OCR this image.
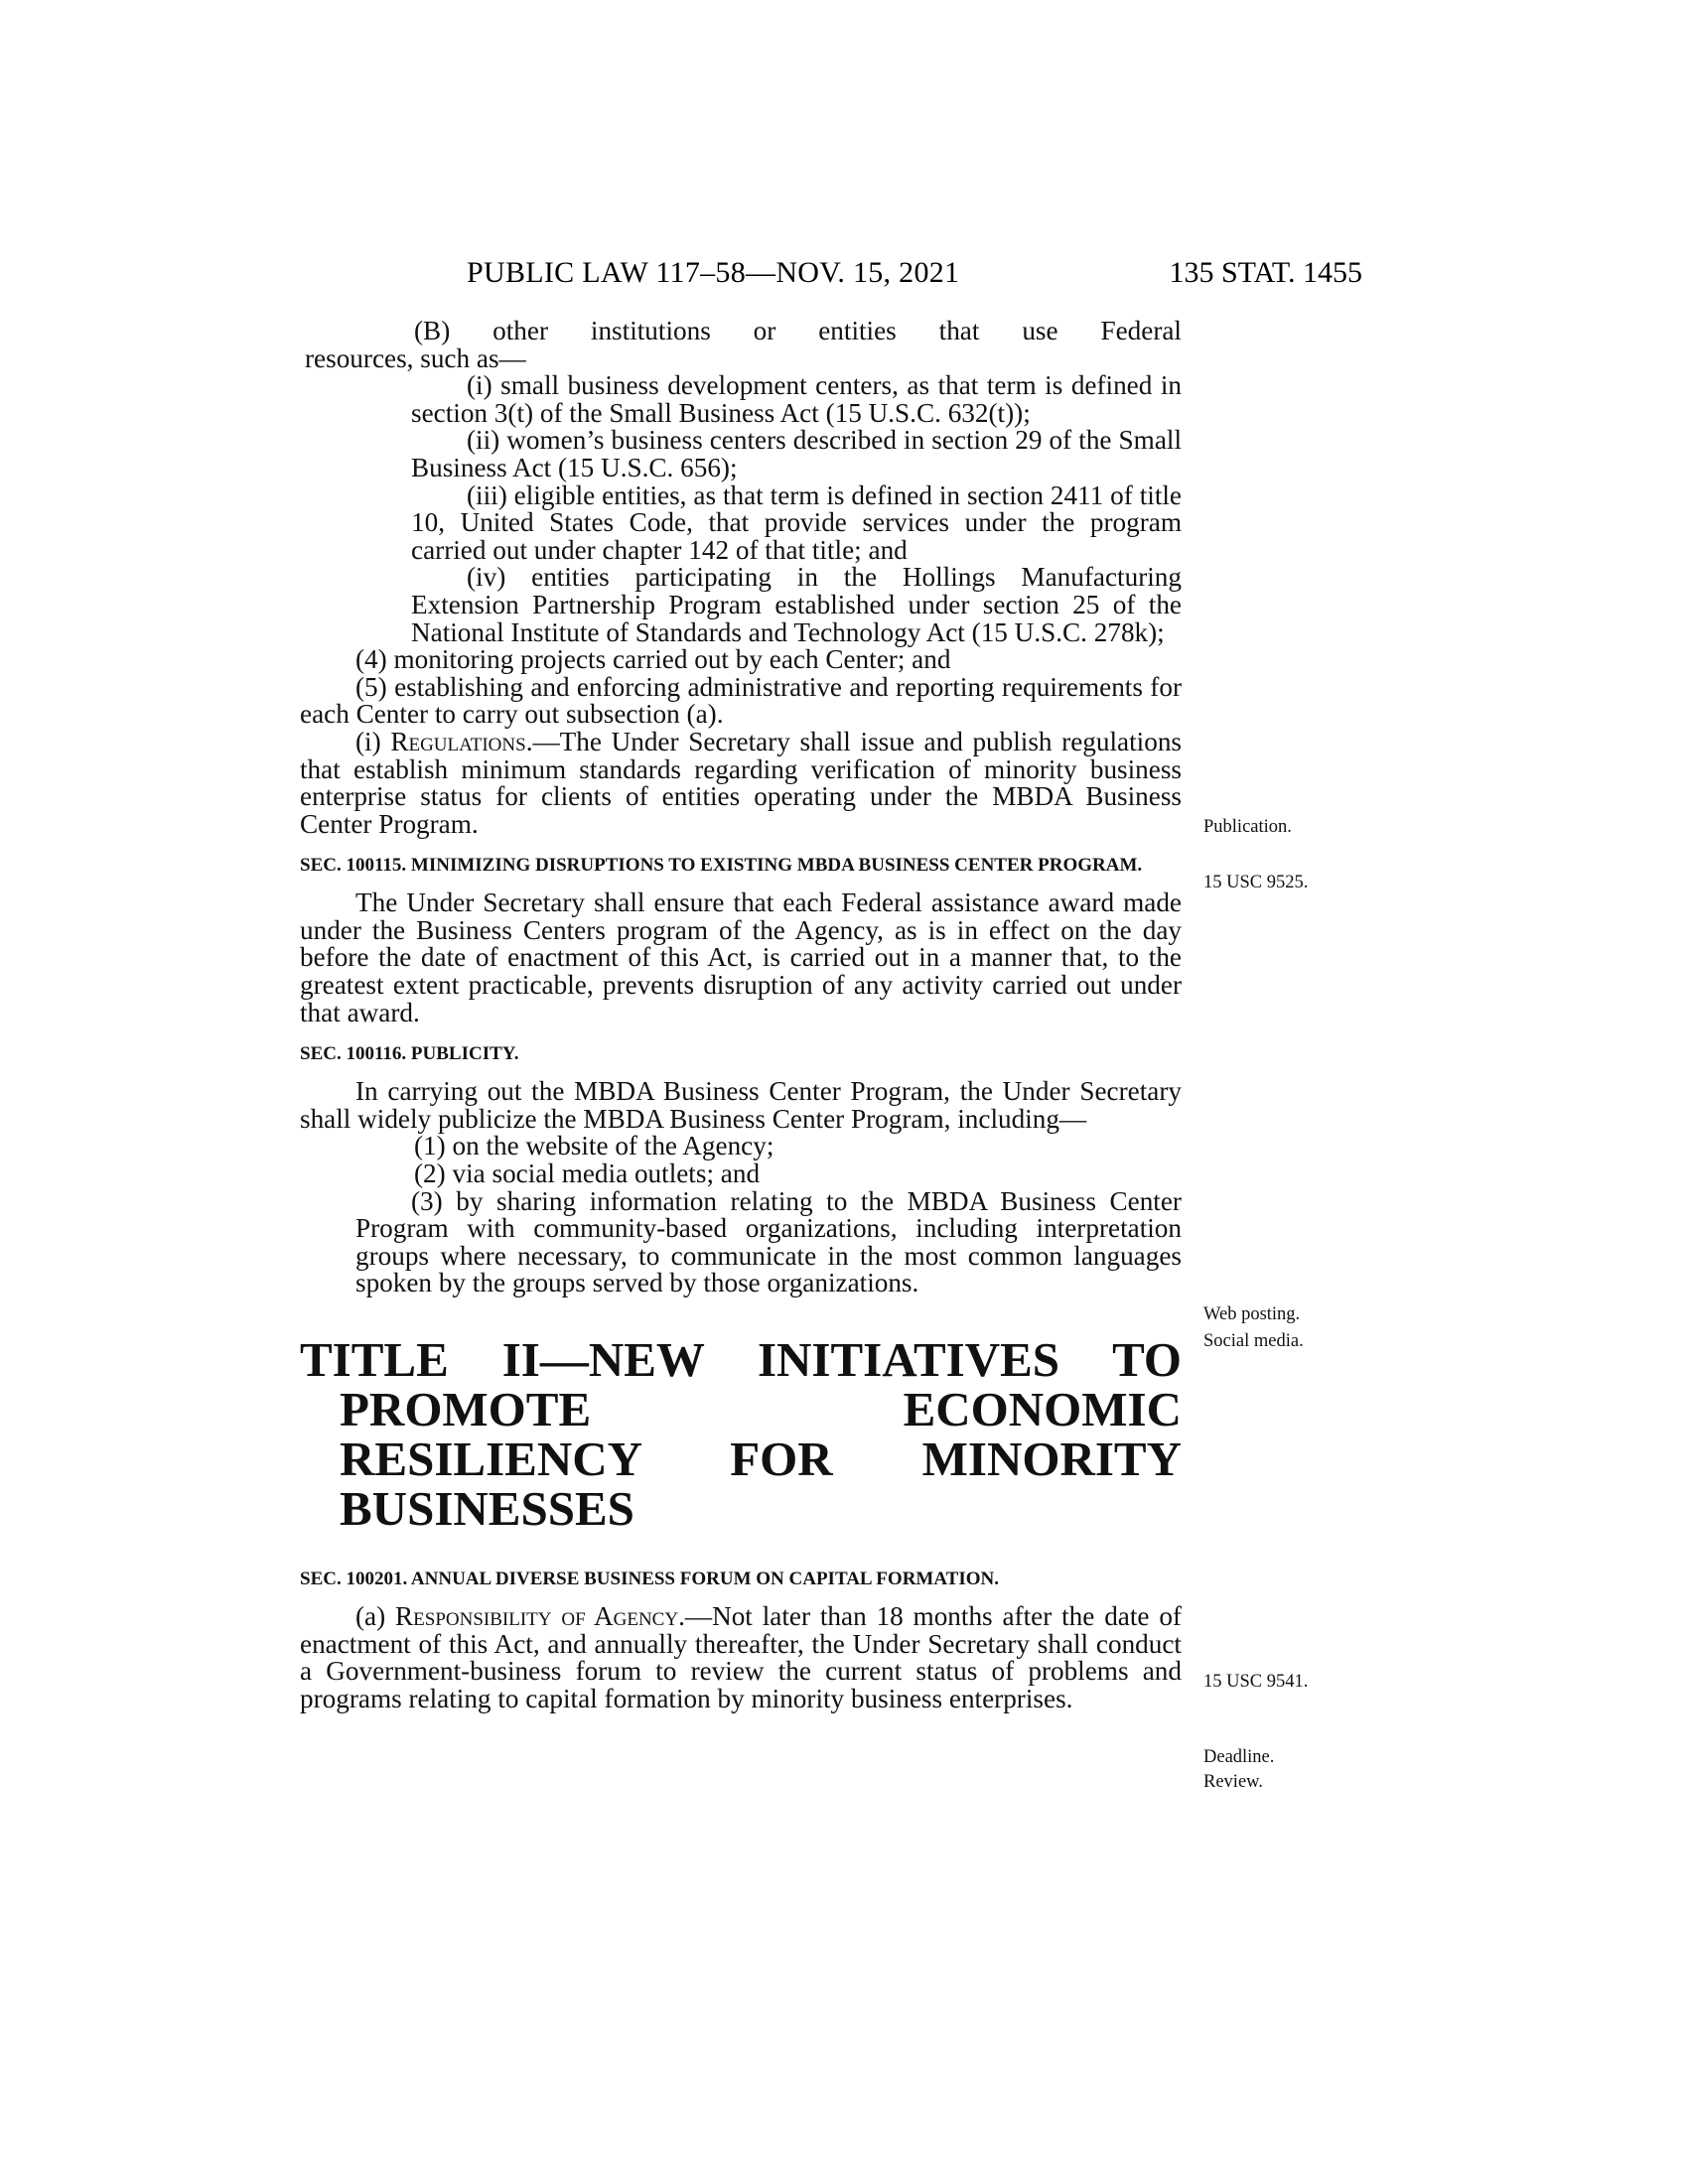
PUBLIC LAW 117–58—NOV. 15, 2021	135 STAT. 1455

(B) other institutions or entities that use Federal

resources, such as—

(i) small business development centers, as that term is defined in section 3(t) of the Small Business Act (15 U.S.C. 632(t));

(ii) women’s business centers described in section 29 of the Small Business Act (15 U.S.C. 656);

(iii) eligible entities, as that term is defined in section 2411 of title 10, United States Code, that provide services under the program carried out under chapter 142 of that title; and

(iv) entities participating in the Hollings Manufacturing Extension Partnership Program established under section 25 of the National Institute of Standards and Technology Act (15 U.S.C. 278k);

(4) monitoring projects carried out by each Center; and

(5) establishing and enforcing administrative and reporting requirements for each Center to carry out subsection (a).

(i) Regulations.—The Under Secretary shall issue and publish regulations that establish minimum standards regarding verification of minority business enterprise status for clients of entities operating under the MBDA Business Center Program.

SEC. 100115. MINIMIZING DISRUPTIONS TO EXISTING MBDA BUSINESS CENTER PROGRAM.

The Under Secretary shall ensure that each Federal assistance award made under the Business Centers program of the Agency, as is in effect on the day before the date of enactment of this Act, is carried out in a manner that, to the greatest extent practicable, prevents disruption of any activity carried out under that award.

SEC. 100116. PUBLICITY.

In carrying out the MBDA Business Center Program, the Under Secretary shall widely publicize the MBDA Business Center Program, including—

(1) on the website of the Agency;

(2) via social media outlets; and

(3) by sharing information relating to the MBDA Business Center Program with community-based organizations, including interpretation groups where necessary, to communicate in the most common languages spoken by the groups served by those organizations.

TITLE II—NEW INITIATIVES TO PROMOTE ECONOMIC RESILIENCY FOR MINORITY BUSINESSES

SEC. 100201. ANNUAL DIVERSE BUSINESS FORUM ON CAPITAL FORMATION.

(a) Responsibility of Agency.—Not later than 18 months after the date of enactment of this Act, and annually thereafter, the Under Secretary shall conduct a Government-business forum to review the current status of problems and programs relating to capital formation by minority business enterprises.

Publication.
15 USC 9525.
Web posting.
Social media.
15 USC 9541.
Deadline.
Review.
